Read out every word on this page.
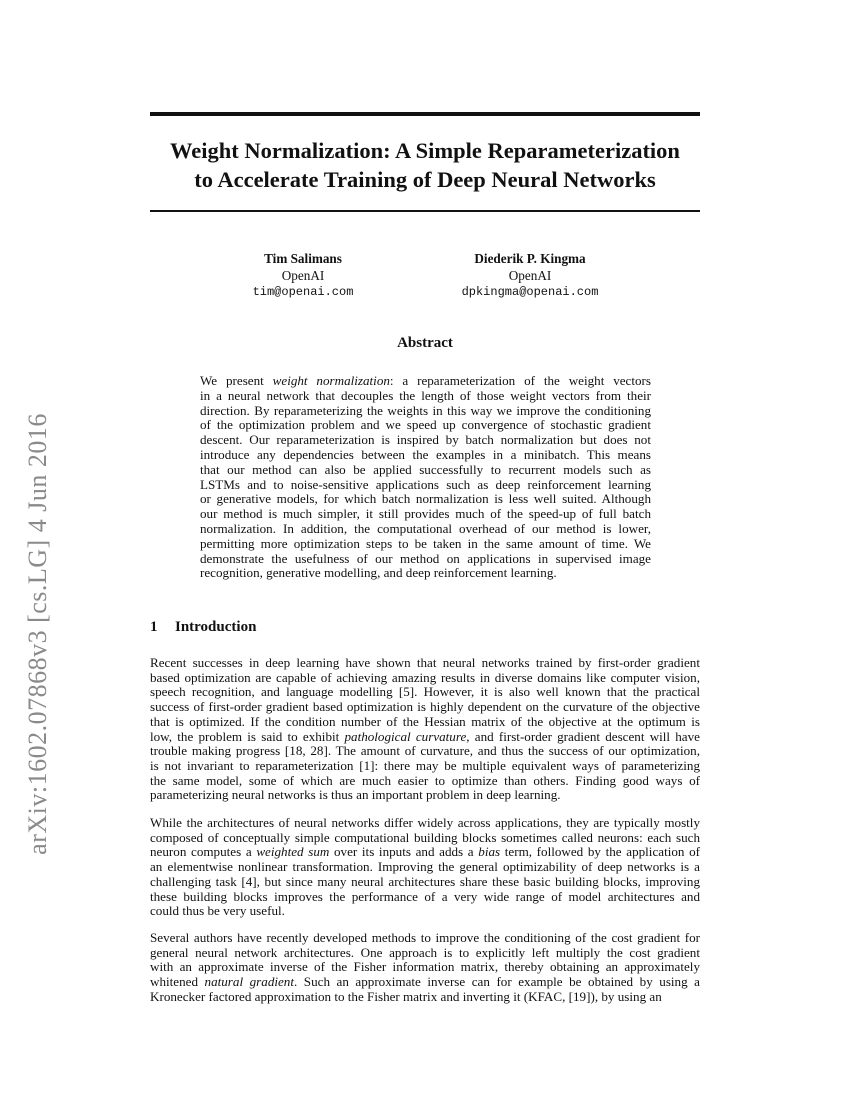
arXiv:1602.07868v3 [cs.LG] 4 Jun 2016
Weight Normalization: A Simple Reparameterization
to Accelerate Training of Deep Neural Networks
Tim Salimans
OpenAI
tim@openai.com
Diederik P. Kingma
OpenAI
dpkingma@openai.com
Abstract
We present weight normalization: a reparameterization of the weight vectors
in a neural network that decouples the length of those weight vectors from their
direction. By reparameterizing the weights in this way we improve the conditioning
of the optimization problem and we speed up convergence of stochastic gradient
descent. Our reparameterization is inspired by batch normalization but does not
introduce any dependencies between the examples in a minibatch. This means
that our method can also be applied successfully to recurrent models such as
LSTMs and to noise-sensitive applications such as deep reinforcement learning
or generative models, for which batch normalization is less well suited. Although
our method is much simpler, it still provides much of the speed-up of full batch
normalization. In addition, the computational overhead of our method is lower,
permitting more optimization steps to be taken in the same amount of time. We
demonstrate the usefulness of our method on applications in supervised image
recognition, generative modelling, and deep reinforcement learning.
1 Introduction
Recent successes in deep learning have shown that neural networks trained by first-order gradient
based optimization are capable of achieving amazing results in diverse domains like computer vision,
speech recognition, and language modelling [5]. However, it is also well known that the practical
success of first-order gradient based optimization is highly dependent on the curvature of the objective
that is optimized. If the condition number of the Hessian matrix of the objective at the optimum is
low, the problem is said to exhibit pathological curvature, and first-order gradient descent will have
trouble making progress [18, 28]. The amount of curvature, and thus the success of our optimization,
is not invariant to reparameterization [1]: there may be multiple equivalent ways of parameterizing
the same model, some of which are much easier to optimize than others. Finding good ways of
parameterizing neural networks is thus an important problem in deep learning.
While the architectures of neural networks differ widely across applications, they are typically mostly
composed of conceptually simple computational building blocks sometimes called neurons: each such
neuron computes a weighted sum over its inputs and adds a bias term, followed by the application of
an elementwise nonlinear transformation. Improving the general optimizability of deep networks is a
challenging task [4], but since many neural architectures share these basic building blocks, improving
these building blocks improves the performance of a very wide range of model architectures and
could thus be very useful.
Several authors have recently developed methods to improve the conditioning of the cost gradient for
general neural network architectures. One approach is to explicitly left multiply the cost gradient
with an approximate inverse of the Fisher information matrix, thereby obtaining an approximately
whitened natural gradient. Such an approximate inverse can for example be obtained by using a
Kronecker factored approximation to the Fisher matrix and inverting it (KFAC, [19]), by using an
